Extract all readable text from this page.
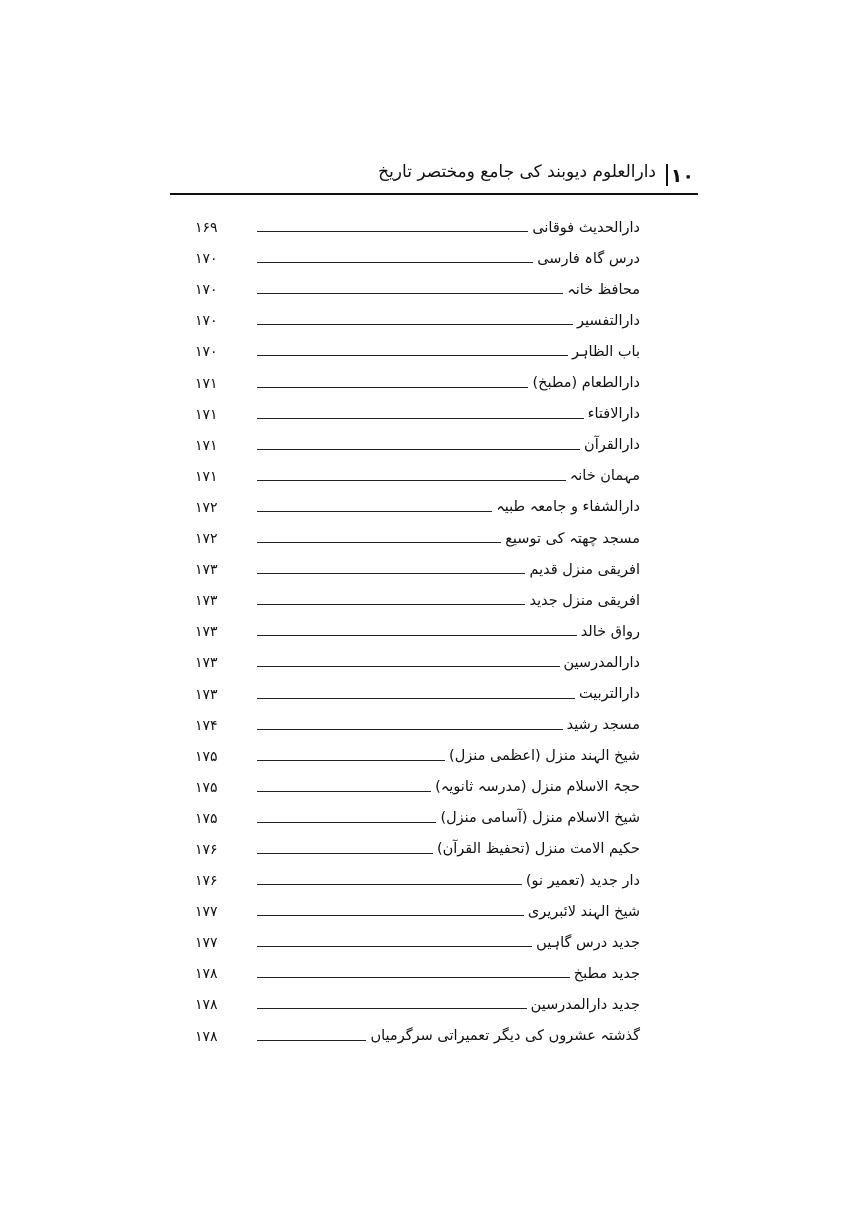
۱۰
دارالعلوم دیوبند کی جامع ومختصر تاریخ
دارالحدیث فوقانی
۱۶۹
درس گاہ فارسی
۱۷۰
محافظ خانہ
۱۷۰
دارالتفسیر
۱۷۰
باب الظاہر
۱۷۰
دارالطعام (مطبخ)
۱۷۱
دارالافتاء
۱۷۱
دارالقرآن
۱۷۱
مہمان خانہ
۱۷۱
دارالشفاء و جامعہ طبیہ
۱۷۲
مسجد چھتہ کی توسیع
۱۷۲
افریقی منزل قدیم
۱۷۳
افریقی منزل جدید
۱۷۳
رواق خالد
۱۷۳
دارالمدرسین
۱۷۳
دارالتربیت
۱۷۳
مسجد رشید
۱۷۴
شیخ الہند منزل (اعظمی منزل)
۱۷۵
حجۃ الاسلام منزل (مدرسہ ثانویہ)
۱۷۵
شیخ الاسلام منزل (آسامی منزل)
۱۷۵
حکیم الامت منزل (تحفیظ القرآن)
۱۷۶
دار جدید (تعمیر نو)
۱۷۶
شیخ الہند لائبریری
۱۷۷
جدید درس گاہیں
۱۷۷
جدید مطبخ
۱۷۸
جدید دارالمدرسین
۱۷۸
گذشتہ عشروں کی دیگر تعمیراتی سرگرمیاں
۱۷۸
